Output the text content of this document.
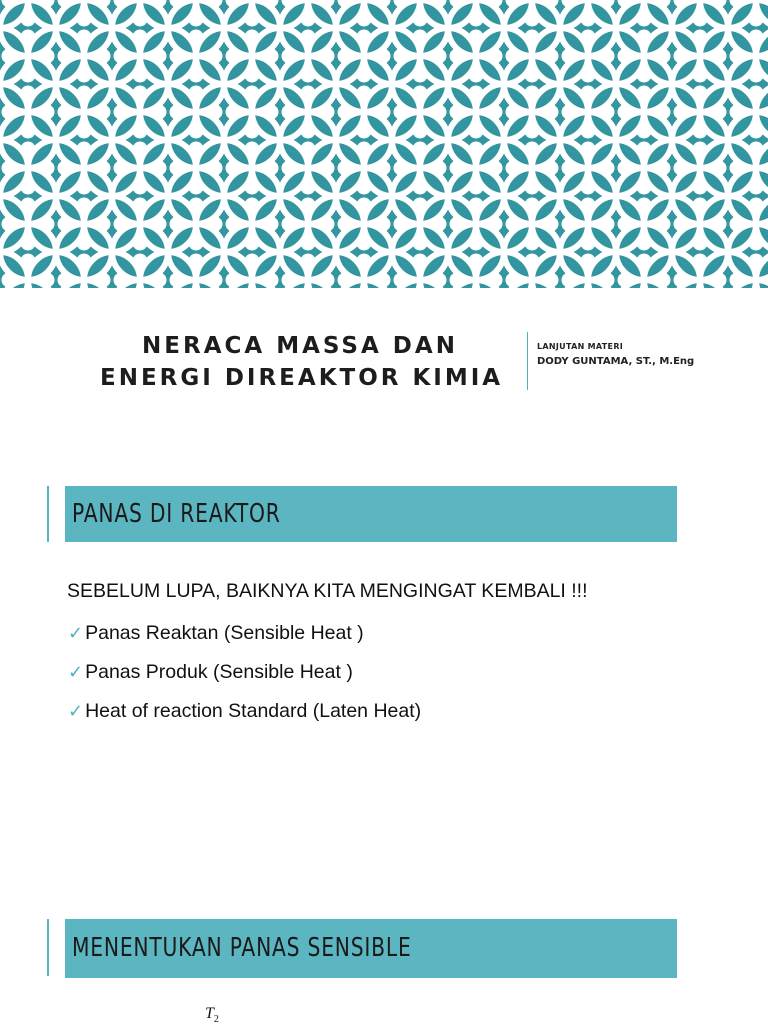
NERACA MASSA DAN
ENERGI DIREAKTOR KIMIA
LANJUTAN MATERI
DODY GUNTAMA, ST., M.Eng
PANAS DI REAKTOR
SEBELUM LUPA, BAIKNYA KITA MENGINGAT KEMBALI !!!
✓ Panas Reaktan (Sensible Heat )
✓ Panas Produk (Sensible Heat )
✓ Heat of reaction Standard (Laten Heat)
MENENTUKAN PANAS SENSIBLE
$T_2$
